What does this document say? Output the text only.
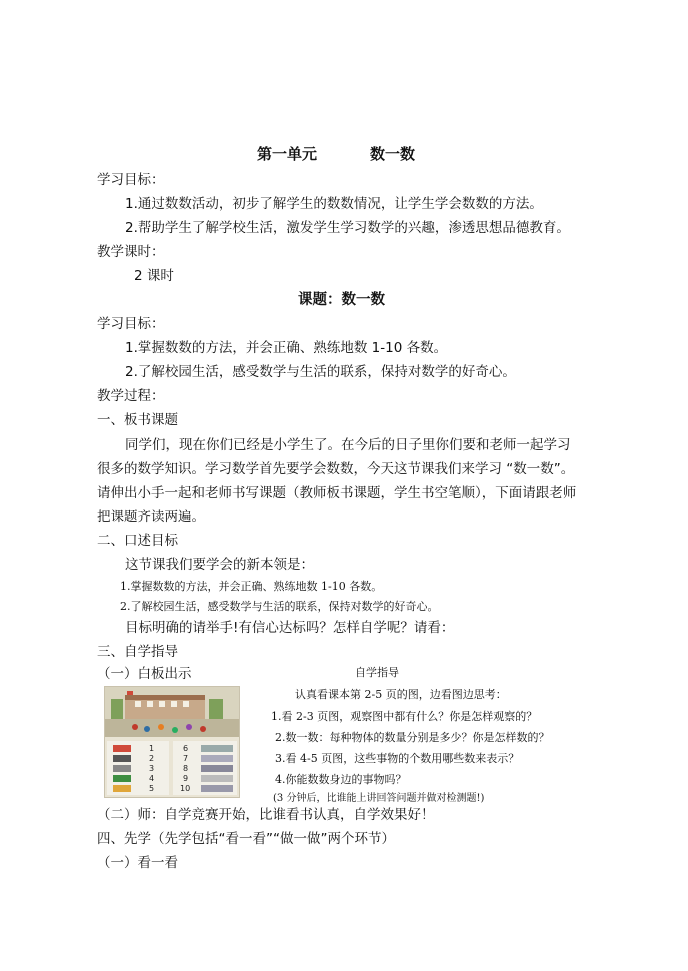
第一单元	数一数
学习目标：
1.通过数数活动，初步了解学生的数数情况，让学生学会数数的方法。
2.帮助学生了解学校生活，激发学生学习数学的兴趣，渗透思想品德教育。
教学课时：
2 课时
课题：数一数
学习目标：
1.掌握数数的方法，并会正确、熟练地数 1-10 各数。
2.了解校园生活，感受数学与生活的联系，保持对数学的好奇心。
教学过程：
一、板书课题
同学们，现在你们已经是小学生了。在今后的日子里你们要和老师一起学习
很多的数学知识。学习数学首先要学会数数，今天这节课我们来学习 “数一数”。
请伸出小手一起和老师书写课题（教师板书课题，学生书空笔顺），下面请跟老师
把课题齐读两遍。
二、口述目标
这节课我们要学会的新本领是：
1.掌握数数的方法，并会正确、熟练地数 1-10 各数。
2.了解校园生活，感受数学与生活的联系，保持对数学的好奇心。
目标明确的请举手!有信心达标吗？怎样自学呢？请看：
三、自学指导
（一）白板出示	自学指导
认真看课本第 2-5 页的图，边看图边思考：
1.看 2-3 页图，观察图中都有什么？你是怎样观察的？
2.数一数：每种物体的数量分别是多少？你是怎样数的？
3.看 4-5 页图，这些事物的个数用哪些数来表示？
4.你能数数身边的事物吗？
(3 分钟后，比谁能上讲回答问题并做对检测题!)
1
2
3
4
5
6
7
8
9
10
（二）师：自学竞赛开始，比谁看书认真，自学效果好！
四、先学（先学包括“看一看”“做一做”两个环节）
（一）看一看
